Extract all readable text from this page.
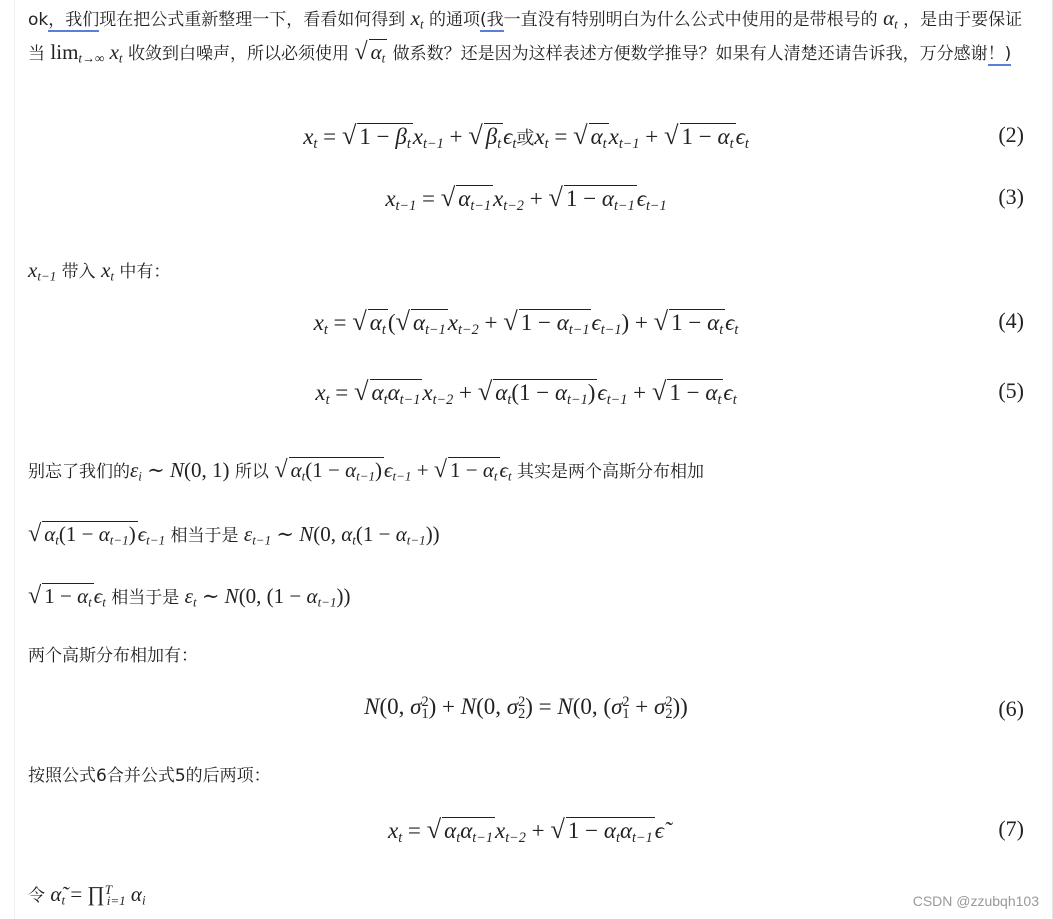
ok，我们现在把公式重新整理一下，看看如何得到 $x_t$ 的通项(我一直没有特别明白为什么公式中使用的是带根号的 $\alpha_t$ ，是由于要保证当 $\lim_{t\to\infty} x_t$ 收敛到白噪声，所以必须使用 √ $\alpha_t$ 做系数？还是因为这样表述方便数学推导？如果有人清楚还请告诉我，万分感谢！)
$x_t$ = √ $1 - \beta_tx_{t-1}$ + √ $\beta_t\epsilon_t$或$x_t$ = √ $\alpha_tx_{t-1}$ + √ $1 - \alpha_t\epsilon_t$	(2)
$x_{t-1}$ = √ $\alpha_{t-1}x_{t-2}$ + √ $1 - \alpha_{t-1}\epsilon_{t-1}$	(3)
$x_{t-1}$ 带入 $x_t$ 中有：
$x_t$ = √ $\alpha_t(√$ $\alpha_{t-1}x_{t-2}$ + √ $1 - \alpha_{t-1}\epsilon_{t-1}$) + √ $1 - \alpha_t\epsilon_t$	(4)
$x_t$ = √ $\alpha_t\alpha_{t-1}x_{t-2}$ + √ $\alpha_t(1 - \alpha_{t-1})\epsilon_{t-1}$ + √ $1 - \alpha_t\epsilon_t$	(5)
别忘了我们的$\varepsilon_i$ ∼ N(0, 1) 所以 √ $\alpha_t(1 - \alpha_{t-1})\epsilon_{t-1}$ + √ $1 - \alpha_t\epsilon_t$ 其实是两个高斯分布相加
√ $\alpha_t(1 - \alpha_{t-1})\epsilon_{t-1}$ 相当于是 $\varepsilon_{t-1}$ ∼ N(0, $\alpha_t(1 - \alpha_{t-1})$)
√ $1 - \alpha_t\epsilon_t$ 相当于是 $\varepsilon_t$ ∼ N(0, $(1 - \alpha_{t-1})$)
两个高斯分布相加有：
N(0, $\sigma^2_1) + N(0$, $\sigma^2_2) = N(0$, $(\sigma^2_1 + \sigma^2_2)$)	(6)
按照公式6合并公式5的后两项：
$x_t$ = √ $\alpha_t\alpha_{t-1}x_{t-2}$ + √ $1 - \alpha_t\alpha_{t-1}\epsiloñ$	(7)
令 $\alphã_t$ = ∏$^T_{i=1}$ $\alpha_i$	CSDN @zzubqh103
